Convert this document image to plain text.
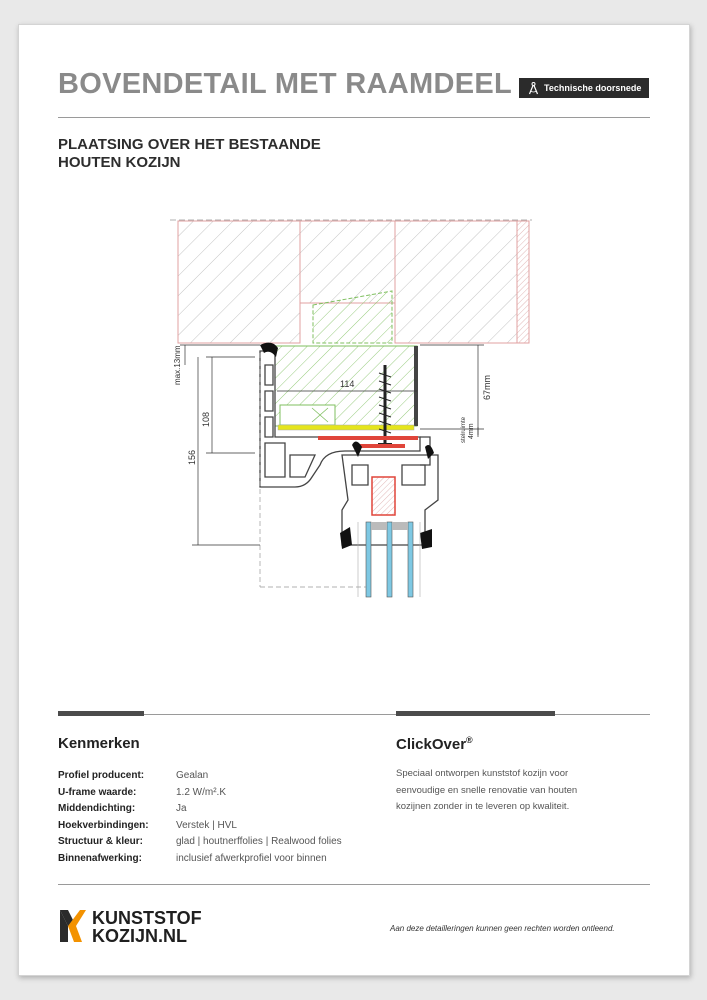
BOVENDETAIL MET RAAMDEEL	Technische doorsnede
PLAATSING OVER HET BESTAANDE
HOUTEN KOZIJN
max.13mm
108
156
114	67mm
stelruimte 4mm
Kenmerken	ClickOver®
Profiel producent:	Gealan
U-frame waarde:	1.2 W/m².K
Middendichting:	Ja
Hoekverbindingen:	Verstek | HVL
Structuur & kleur:	glad | houtnerffolies | Realwood folies
Binnenafwerking:	inclusief afwerkprofiel voor binnen
Speciaal ontworpen kunststof kozijn voor eenvoudige en snelle renovatie van houten kozijnen zonder in te leveren op kwaliteit.
KUNSTSTOF
KOZIJN.NL	Aan deze detailleringen kunnen geen rechten worden ontleend.
